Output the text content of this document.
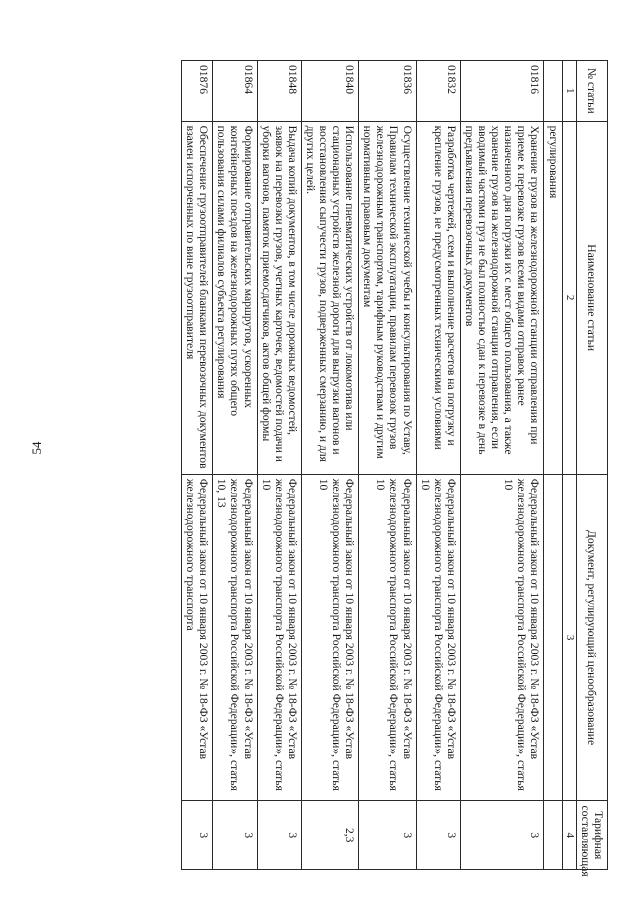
54
№ статьи	Наименование статьи	Документ, регулирующий ценообразование	Тарифная составляющая
1	2	3	4
	регулирования		
01816	Хранение грузов на железнодорожной станции отправления при приеме к перевозке грузов всеми видами отправок ранее назначенного дня погрузки их с мест общего пользования, а также хранение грузов на железнодорожной станции отправления, если вводимый частями груз не был полностью сдан к перевозке в день предъявления перевозочных документов	Федеральный закон от 10 января 2003 г. № 18-ФЗ «Устав железнодорожного транспорта Российской Федерации», статья 10	3
01832	Разработка чертежей, схем и выполнение расчетов на погрузку и крепление грузов, не предусмотренных техническими условиями	Федеральный закон от 10 января 2003 г. № 18-ФЗ «Устав железнодорожного транспорта Российской Федерации», статья 10	3
01836	Осуществление технической учебы и консультирования по Уставу, Правилам технической эксплуатации, правилам перевозок грузов железнодорожным транспортом, тарифным руководствам и другим нормативным правовым документам	Федеральный закон от 10 января 2003 г. № 18-ФЗ «Устав железнодорожного транспорта Российской Федерации», статья 10	3
01840	Использование пневматических устройств от локомотива или стационарных устройств железной дороги для выгрузки вагонов и восстановления сыпучести грузов, подверженных смерзанию, и для других целей.	Федеральный закон от 10 января 2003 г. № 18-ФЗ «Устав железнодорожного транспорта Российской Федерации», статья 10	2,3
01848	Выдача копий документов, в том числе дорожных ведомостей, заявок на перевозки грузов, учетных карточек, ведомостей подачи и уборки вагонов, памяток приемосдатчиков, актов общей формы	Федеральный закон от 10 января 2003 г. № 18-ФЗ «Устав железнодорожного транспорта Российской Федерации», статья 10	3
01864	Формирование отправительских маршрутов, ускоренных контейнерных поездов на железнодорожных путях общего пользования силами филиалов субъекта регулирования	Федеральный закон от 10 января 2003 г. № 18-ФЗ «Устав железнодорожного транспорта Российской Федерации», статья 10, 13	3
01876	Обеспечение грузоотправителей бланками перевозочных документов взамен испорченных по вине грузоотправителя	Федеральный закон от 10 января 2003 г. № 18-ФЗ «Устав железнодорожного транспорта	3
